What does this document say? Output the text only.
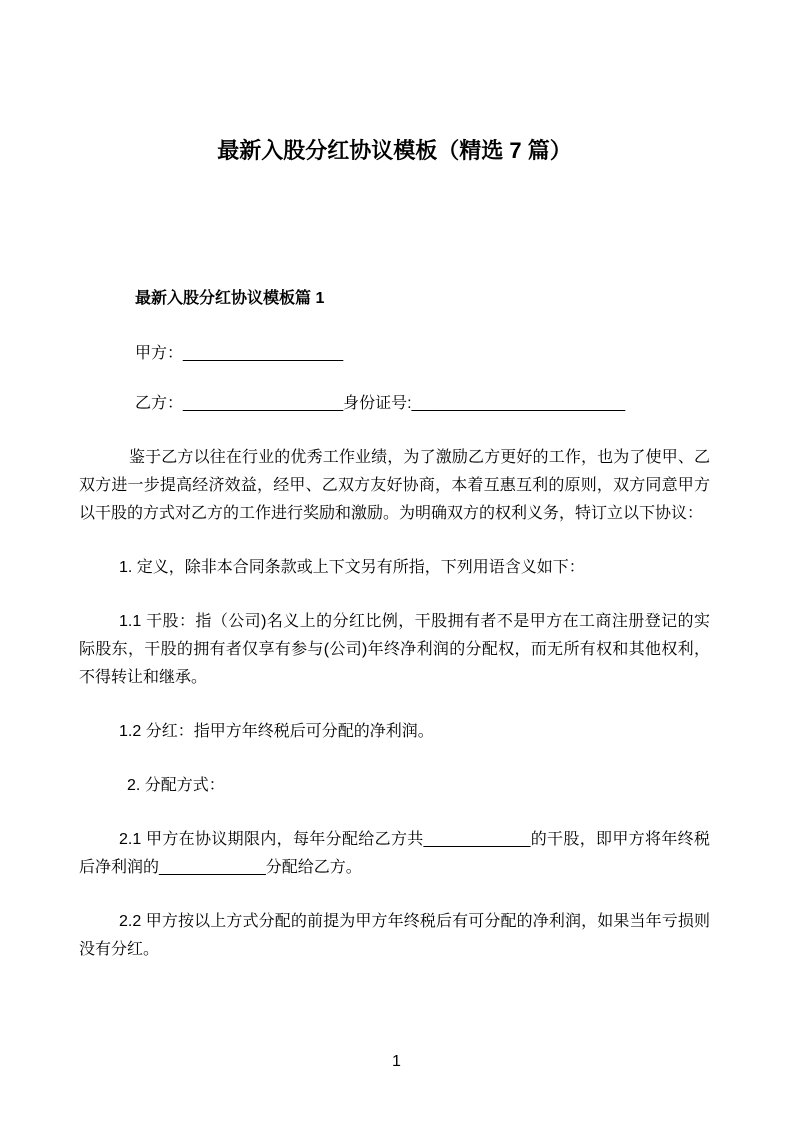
最新入股分红协议模板（精选 7 篇）
最新入股分红协议模板篇 1

甲方：__________________

乙方：__________________身份证号:________________________

鉴于乙方以往在行业的优秀工作业绩，为了激励乙方更好的工作，也为了使甲、乙双方进一步提高经济效益，经甲、乙双方友好协商，本着互惠互利的原则，双方同意甲方以干股的方式对乙方的工作进行奖励和激励。为明确双方的权利义务，特订立以下协议：

1. 定义，除非本合同条款或上下文另有所指，下列用语含义如下：

1.1 干股：指（公司)名义上的分红比例，干股拥有者不是甲方在工商注册登记的实际股东，干股的拥有者仅享有参与(公司)年终净利润的分配权，而无所有权和其他权利，不得转让和继承。

1.2 分红：指甲方年终税后可分配的净利润。

2. 分配方式：

2.1 甲方在协议期限内，每年分配给乙方共____________的干股，即甲方将年终税后净利润的____________分配给乙方。

2.2 甲方按以上方式分配的前提为甲方年终税后有可分配的净利润，如果当年亏损则没有分红。

1
